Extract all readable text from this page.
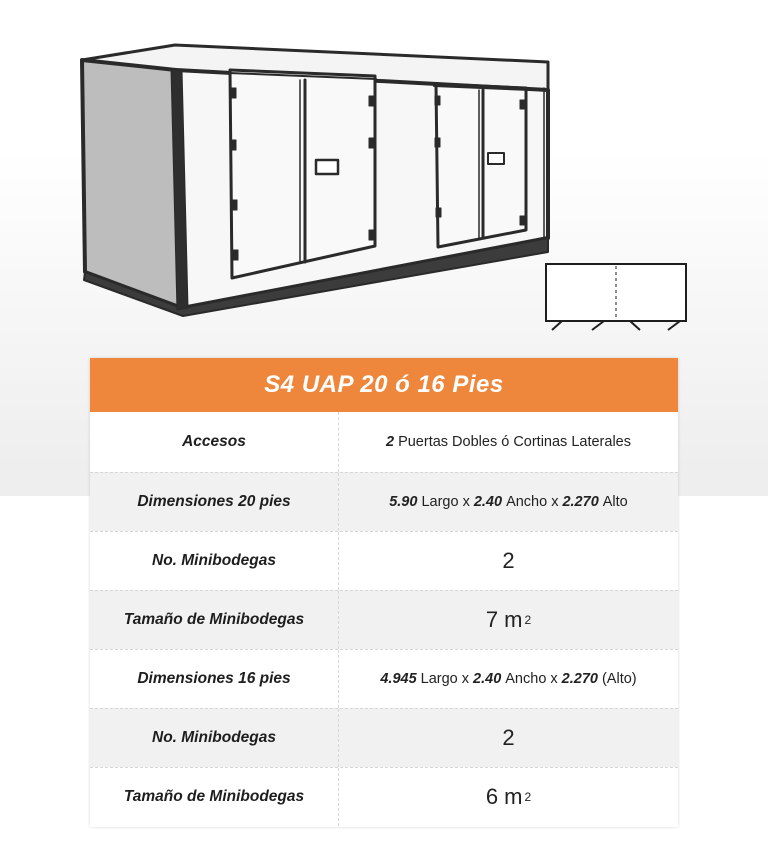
S4 UAP 20 ó 16 Pies
Accesos	2 Puertas Dobles ó Cortinas Laterales
Dimensiones 20 pies	5.90 Largo x 2.40 Ancho x 2.270 Alto
No. Minibodegas	2
Tamaño de Minibodegas	7 m 2
Dimensiones 16 pies	4.945 Largo x 2.40 Ancho x 2.270 (Alto)
No. Minibodegas	2
Tamaño de Minibodegas	6 m 2
